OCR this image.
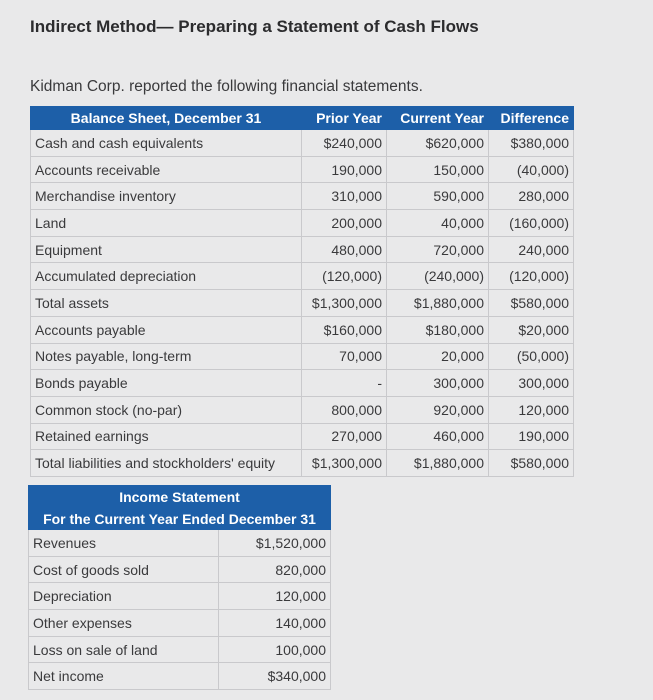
Indirect Method— Preparing a Statement of Cash Flows
Kidman Corp. reported the following financial statements.
Balance Sheet, December 31	Prior Year	Current Year	Difference
Cash and cash equivalents	$240,000	$620,000	$380,000
Accounts receivable	190,000	150,000	(40,000)
Merchandise inventory	310,000	590,000	280,000
Land	200,000	40,000	(160,000)
Equipment	480,000	720,000	240,000
Accumulated depreciation	(120,000)	(240,000)	(120,000)
Total assets	$1,300,000	$1,880,000	$580,000
Accounts payable	$160,000	$180,000	$20,000
Notes payable, long-term	70,000	20,000	(50,000)
Bonds payable	-	300,000	300,000
Common stock (no-par)	800,000	920,000	120,000
Retained earnings	270,000	460,000	190,000
Total liabilities and stockholders' equity	$1,300,000	$1,880,000	$580,000
Income Statement	
For the Current Year Ended December 31	
Revenues	$1,520,000
Cost of goods sold	820,000
Depreciation	120,000
Other expenses	140,000
Loss on sale of land	100,000
Net income	$340,000
